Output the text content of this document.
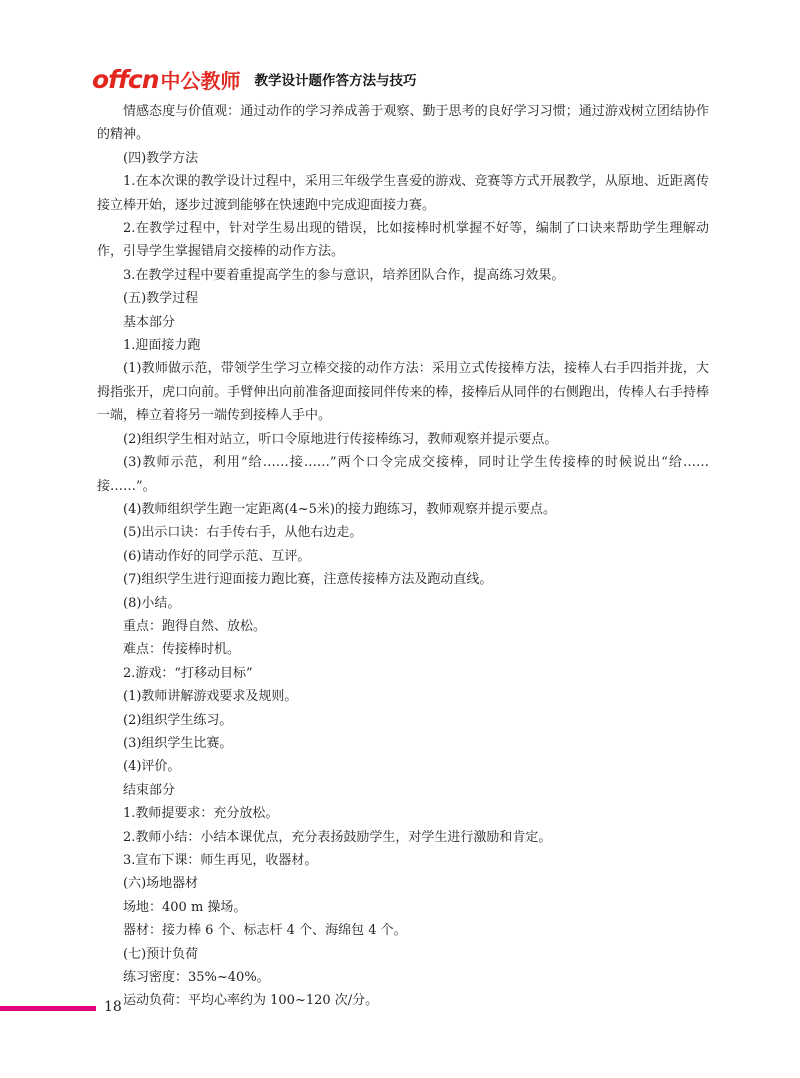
offcn 中公教师 教学设计题作答方法与技巧

情感态度与价值观：通过动作的学习养成善于观察、勤于思考的良好学习习惯；通过游戏树立团结协作的精神。

(四)教学方法

1.在本次课的教学设计过程中，采用三年级学生喜爱的游戏、竞赛等方式开展教学，从原地、近距离传接立棒开始，逐步过渡到能够在快速跑中完成迎面接力赛。

2.在教学过程中，针对学生易出现的错误，比如接棒时机掌握不好等，编制了口诀来帮助学生理解动作，引导学生掌握错肩交接棒的动作方法。

3.在教学过程中要着重提高学生的参与意识，培养团队合作，提高练习效果。

(五)教学过程

基本部分

1.迎面接力跑

(1)教师做示范，带领学生学习立棒交接的动作方法：采用立式传接棒方法，接棒人右手四指并拢，大拇指张开，虎口向前。手臂伸出向前准备迎面接同伴传来的棒，接棒后从同伴的右侧跑出，传棒人右手持棒一端，棒立着将另一端传到接棒人手中。

(2)组织学生相对站立，听口令原地进行传接棒练习，教师观察并提示要点。

(3)教师示范，利用“给……接……”两个口令完成交接棒，同时让学生传接棒的时候说出“给……接……”。

(4)教师组织学生跑一定距离(4~5米)的接力跑练习，教师观察并提示要点。

(5)出示口诀：右手传右手，从他右边走。

(6)请动作好的同学示范、互评。

(7)组织学生进行迎面接力跑比赛，注意传接棒方法及跑动直线。

(8)小结。

重点：跑得自然、放松。

难点：传接棒时机。

2.游戏：“打移动目标”

(1)教师讲解游戏要求及规则。

(2)组织学生练习。

(3)组织学生比赛。

(4)评价。

结束部分

1.教师提要求：充分放松。

2.教师小结：小结本课优点，充分表扬鼓励学生，对学生进行激励和肯定。

3.宣布下课：师生再见，收器材。

(六)场地器材

场地：400 m 操场。

器材：接力棒 6 个、标志杆 4 个、海绵包 4 个。

(七)预计负荷

练习密度：35%~40%。

运动负荷：平均心率约为 100~120 次/分。

18
